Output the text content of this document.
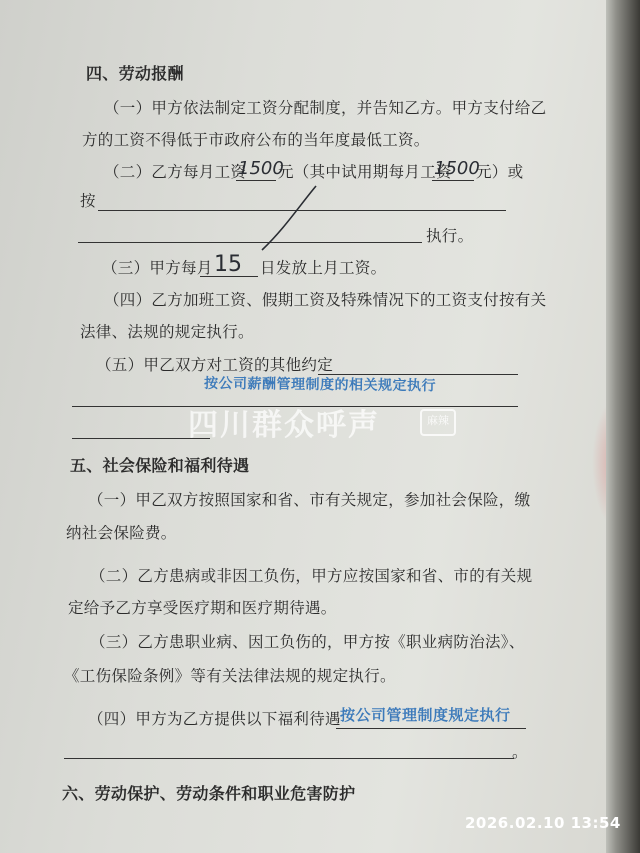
四、劳动报酬

（一）甲方依法制定工资分配制度，并告知乙方。甲方支付给乙

方的工资不得低于市政府公布的当年度最低工资。

（二）乙方每月工资

1500

元（其中试用期每月工资

1500

元）或

按

执行。

（三）甲方每月 15 日发放上月工资。

（四）乙方加班工资、假期工资及特殊情况下的工资支付按有关

法律、法规的规定执行。

（五）甲乙双方对工资的其他约定

按公司薪酬管理制度的相关规定执行

五、社会保险和福利待遇

（一）甲乙双方按照国家和省、市有关规定，参加社会保险，缴

纳社会保险费。

（二）乙方患病或非因工负伤，甲方应按国家和省、市的有关规

定给予乙方享受医疗期和医疗期待遇。

（三）乙方患职业病、因工负伤的，甲方按《职业病防治法》、

《工伤保险条例》等有关法律法规的规定执行。

（四）甲方为乙方提供以下福利待遇 按公司管理制度规定执行

。

六、劳动保护、劳动条件和职业危害防护

四川群众呼声	麻辣
2026.02.10 13:54
